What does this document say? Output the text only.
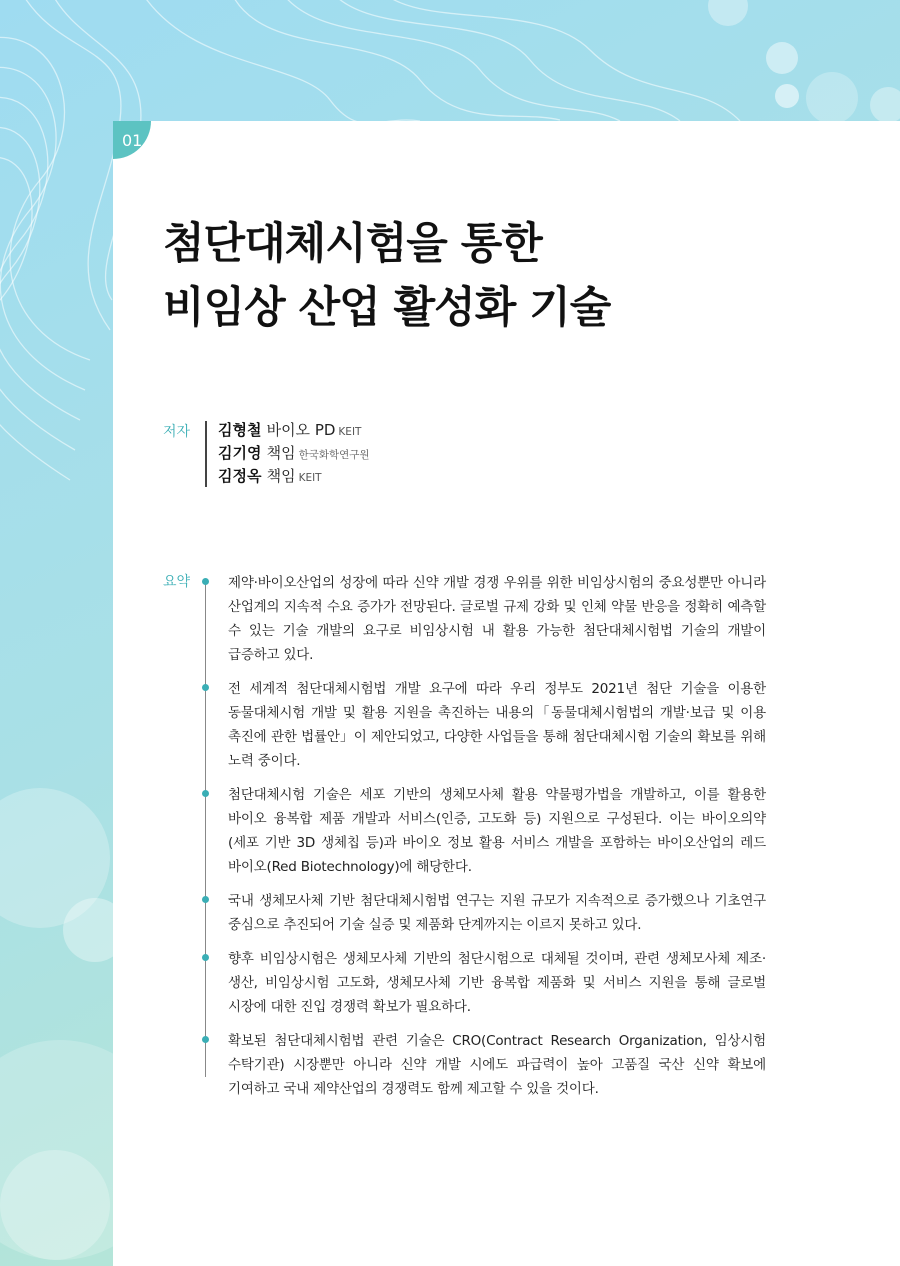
01
첨단대체시험을 통한
비임상 산업 활성화 기술
저자 김형철 바이오 PD KEIT
김기영 책임 한국화학연구원
김정옥 책임 KEIT
요약	제약·바이오산업의 성장에 따라 신약 개발 경쟁 우위를 위한 비임상시험의 중요성뿐만 아니라 산업계의 지속적 수요 증가가 전망된다. 글로벌 규제 강화 및 인체 약물 반응을 정확히 예측할 수 있는 기술 개발의 요구로 비임상시험 내 활용 가능한 첨단대체시험법 기술의 개발이 급증하고 있다.
전 세계적 첨단대체시험법 개발 요구에 따라 우리 정부도 2021년 첨단 기술을 이용한 동물대체시험 개발 및 활용 지원을 촉진하는 내용의「동물대체시험법의 개발·보급 및 이용 촉진에 관한 법률안」이 제안되었고, 다양한 사업들을 통해 첨단대체시험 기술의 확보를 위해 노력 중이다.
첨단대체시험 기술은 세포 기반의 생체모사체 활용 약물평가법을 개발하고, 이를 활용한 바이오 융복합 제품 개발과 서비스(인증, 고도화 등) 지원으로 구성된다. 이는 바이오의약(세포 기반 3D 생체칩 등)과 바이오 정보 활용 서비스 개발을 포함하는 바이오산업의 레드 바이오(Red Biotechnology)에 해당한다.
국내 생체모사체 기반 첨단대체시험법 연구는 지원 규모가 지속적으로 증가했으나 기초연구 중심으로 추진되어 기술 실증 및 제품화 단계까지는 이르지 못하고 있다.
향후 비임상시험은 생체모사체 기반의 첨단시험으로 대체될 것이며, 관련 생체모사체 제조·생산, 비임상시험 고도화, 생체모사체 기반 융복합 제품화 및 서비스 지원을 통해 글로벌 시장에 대한 진입 경쟁력 확보가 필요하다.
확보된 첨단대체시험법 관련 기술은 CRO(Contract Research Organization, 임상시험 수탁기관) 시장뿐만 아니라 신약 개발 시에도 파급력이 높아 고품질 국산 신약 확보에 기여하고 국내 제약산업의 경쟁력도 함께 제고할 수 있을 것이다.
